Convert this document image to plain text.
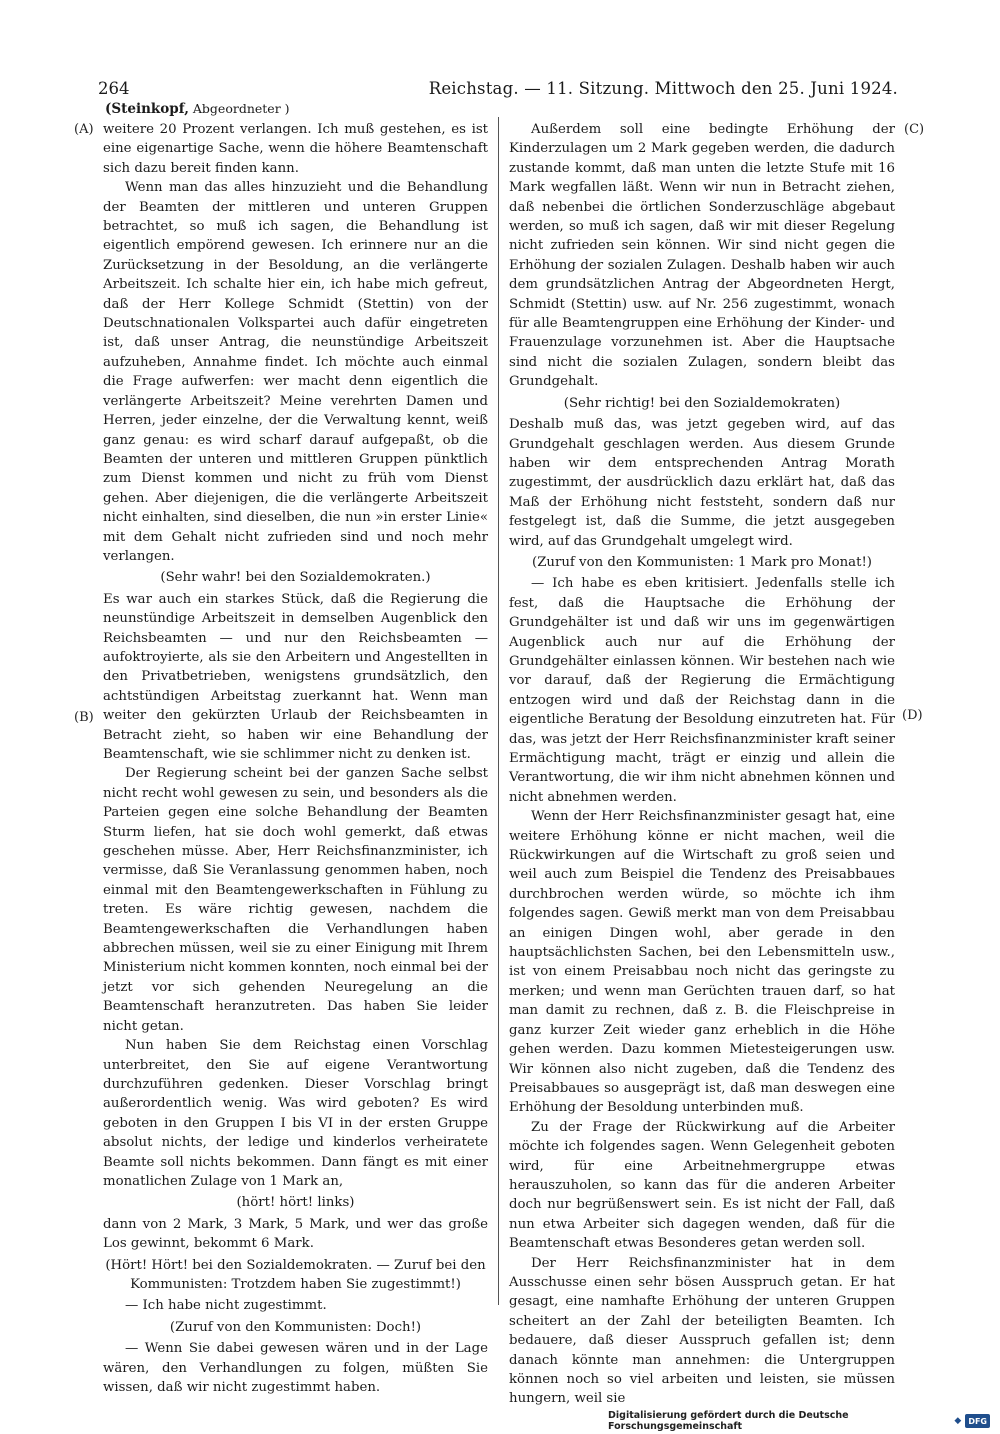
264	Reichstag. — 11. Sitzung. Mittwoch den 25. Juni 1924.
(Steinkopf, Abgeordneter )
(A)
(B)
(C)
(D)

weitere 20 Prozent verlangen. Ich muß gestehen, es ist eine eigenartige Sache, wenn die höhere Beamtenschaft sich dazu bereit finden kann.

Wenn man das alles hinzuzieht und die Behandlung der Beamten der mittleren und unteren Gruppen betrachtet, so muß ich sagen, die Behandlung ist eigentlich empörend gewesen. Ich erinnere nur an die Zurücksetzung in der Besoldung, an die verlängerte Arbeitszeit. Ich schalte hier ein, ich habe mich gefreut, daß der Herr Kollege Schmidt (Stettin) von der Deutschnationalen Volkspartei auch dafür eingetreten ist, daß unser Antrag, die neunstündige Arbeitszeit aufzuheben, Annahme findet. Ich möchte auch einmal die Frage aufwerfen: wer macht denn eigentlich die verlängerte Arbeitszeit? Meine verehrten Damen und Herren, jeder einzelne, der die Verwaltung kennt, weiß ganz genau: es wird scharf darauf aufgepaßt, ob die Beamten der unteren und mittleren Gruppen pünktlich zum Dienst kommen und nicht zu früh vom Dienst gehen. Aber diejenigen, die die verlängerte Arbeitszeit nicht einhalten, sind dieselben, die nun »in erster Linie« mit dem Gehalt nicht zufrieden sind und noch mehr verlangen.

(Sehr wahr! bei den Sozialdemokraten.)

Es war auch ein starkes Stück, daß die Regierung die neunstündige Arbeitszeit in demselben Augenblick den Reichsbeamten — und nur den Reichsbeamten — aufoktroyierte, als sie den Arbeitern und Angestellten in den Privatbetrieben, wenigstens grundsätzlich, den achtstündigen Arbeitstag zuerkannt hat. Wenn man weiter den gekürzten Urlaub der Reichsbeamten in Betracht zieht, so haben wir eine Behandlung der Beamtenschaft, wie sie schlimmer nicht zu denken ist.

Der Regierung scheint bei der ganzen Sache selbst nicht recht wohl gewesen zu sein, und besonders als die Parteien gegen eine solche Behandlung der Beamten Sturm liefen, hat sie doch wohl gemerkt, daß etwas geschehen müsse. Aber, Herr Reichsfinanzminister, ich vermisse, daß Sie Veranlassung genommen haben, noch einmal mit den Beamtengewerkschaften in Fühlung zu treten. Es wäre richtig gewesen, nachdem die Beamtengewerkschaften die Verhandlungen haben abbrechen müssen, weil sie zu einer Einigung mit Ihrem Ministerium nicht kommen konnten, noch einmal bei der jetzt vor sich gehenden Neuregelung an die Beamtenschaft heranzutreten. Das haben Sie leider nicht getan.

Nun haben Sie dem Reichstag einen Vorschlag unterbreitet, den Sie auf eigene Verantwortung durchzuführen gedenken. Dieser Vorschlag bringt außerordentlich wenig. Was wird geboten? Es wird geboten in den Gruppen I bis VI in der ersten Gruppe absolut nichts, der ledige und kinderlos verheiratete Beamte soll nichts bekommen. Dann fängt es mit einer monatlichen Zulage von 1 Mark an,

(hört! hört! links)

dann von 2 Mark, 3 Mark, 5 Mark, und wer das große Los gewinnt, bekommt 6 Mark.

(Hört! Hört! bei den Sozialdemokraten. — Zuruf bei den Kommunisten: Trotzdem haben Sie zugestimmt!)

— Ich habe nicht zugestimmt.

(Zuruf von den Kommunisten: Doch!)

— Wenn Sie dabei gewesen wären und in der Lage wären, den Verhandlungen zu folgen, müßten Sie wissen, daß wir nicht zugestimmt haben.

Außerdem soll eine bedingte Erhöhung der Kinderzulagen um 2 Mark gegeben werden, die dadurch zustande kommt, daß man unten die letzte Stufe mit 16 Mark wegfallen läßt. Wenn wir nun in Betracht ziehen, daß nebenbei die örtlichen Sonderzuschläge abgebaut werden, so muß ich sagen, daß wir mit dieser Regelung nicht zufrieden sein können. Wir sind nicht gegen die Erhöhung der sozialen Zulagen. Deshalb haben wir auch dem grundsätzlichen Antrag der Abgeordneten Hergt, Schmidt (Stettin) usw. auf Nr. 256 zugestimmt, wonach für alle Beamtengruppen eine Erhöhung der Kinder- und Frauenzulage vorzunehmen ist. Aber die Hauptsache sind nicht die sozialen Zulagen, sondern bleibt das Grundgehalt.

(Sehr richtig! bei den Sozialdemokraten)

Deshalb muß das, was jetzt gegeben wird, auf das Grundgehalt geschlagen werden. Aus diesem Grunde haben wir dem entsprechenden Antrag Morath zugestimmt, der ausdrücklich dazu erklärt hat, daß das Maß der Erhöhung nicht feststeht, sondern daß nur festgelegt ist, daß die Summe, die jetzt ausgegeben wird, auf das Grundgehalt umgelegt wird.

(Zuruf von den Kommunisten: 1 Mark pro Monat!)

— Ich habe es eben kritisiert. Jedenfalls stelle ich fest, daß die Hauptsache die Erhöhung der Grundgehälter ist und daß wir uns im gegenwärtigen Augenblick auch nur auf die Erhöhung der Grundgehälter einlassen können. Wir bestehen nach wie vor darauf, daß der Regierung die Ermächtigung entzogen wird und daß der Reichstag dann in die eigentliche Beratung der Besoldung einzutreten hat. Für das, was jetzt der Herr Reichsfinanzminister kraft seiner Ermächtigung macht, trägt er einzig und allein die Verantwortung, die wir ihm nicht abnehmen können und nicht abnehmen werden.

Wenn der Herr Reichsfinanzminister gesagt hat, eine weitere Erhöhung könne er nicht machen, weil die Rückwirkungen auf die Wirtschaft zu groß seien und weil auch zum Beispiel die Tendenz des Preisabbaues durchbrochen werden würde, so möchte ich ihm folgendes sagen. Gewiß merkt man von dem Preisabbau an einigen Dingen wohl, aber gerade in den hauptsächlichsten Sachen, bei den Lebensmitteln usw., ist von einem Preisabbau noch nicht das geringste zu merken; und wenn man Gerüchten trauen darf, so hat man damit zu rechnen, daß z. B. die Fleischpreise in ganz kurzer Zeit wieder ganz erheblich in die Höhe gehen werden. Dazu kommen Mietesteigerungen usw. Wir können also nicht zugeben, daß die Tendenz des Preisabbaues so ausgeprägt ist, daß man deswegen eine Erhöhung der Besoldung unterbinden muß.

Zu der Frage der Rückwirkung auf die Arbeiter möchte ich folgendes sagen. Wenn Gelegenheit geboten wird, für eine Arbeitnehmergruppe etwas herauszuholen, so kann das für die anderen Arbeiter doch nur begrüßenswert sein. Es ist nicht der Fall, daß nun etwa Arbeiter sich dagegen wenden, daß für die Beamtenschaft etwas Besonderes getan werden soll.

Der Herr Reichsfinanzminister hat in dem Ausschusse einen sehr bösen Ausspruch getan. Er hat gesagt, eine namhafte Erhöhung der unteren Gruppen scheitert an der Zahl der beteiligten Beamten. Ich bedauere, daß dieser Ausspruch gefallen ist; denn danach könnte man annehmen: die Untergruppen können noch so viel arbeiten und leisten, sie müssen hungern, weil sie

Digitalisierung gefördert durch die Deutsche Forschungsgemeinschaft	◆ DFG
